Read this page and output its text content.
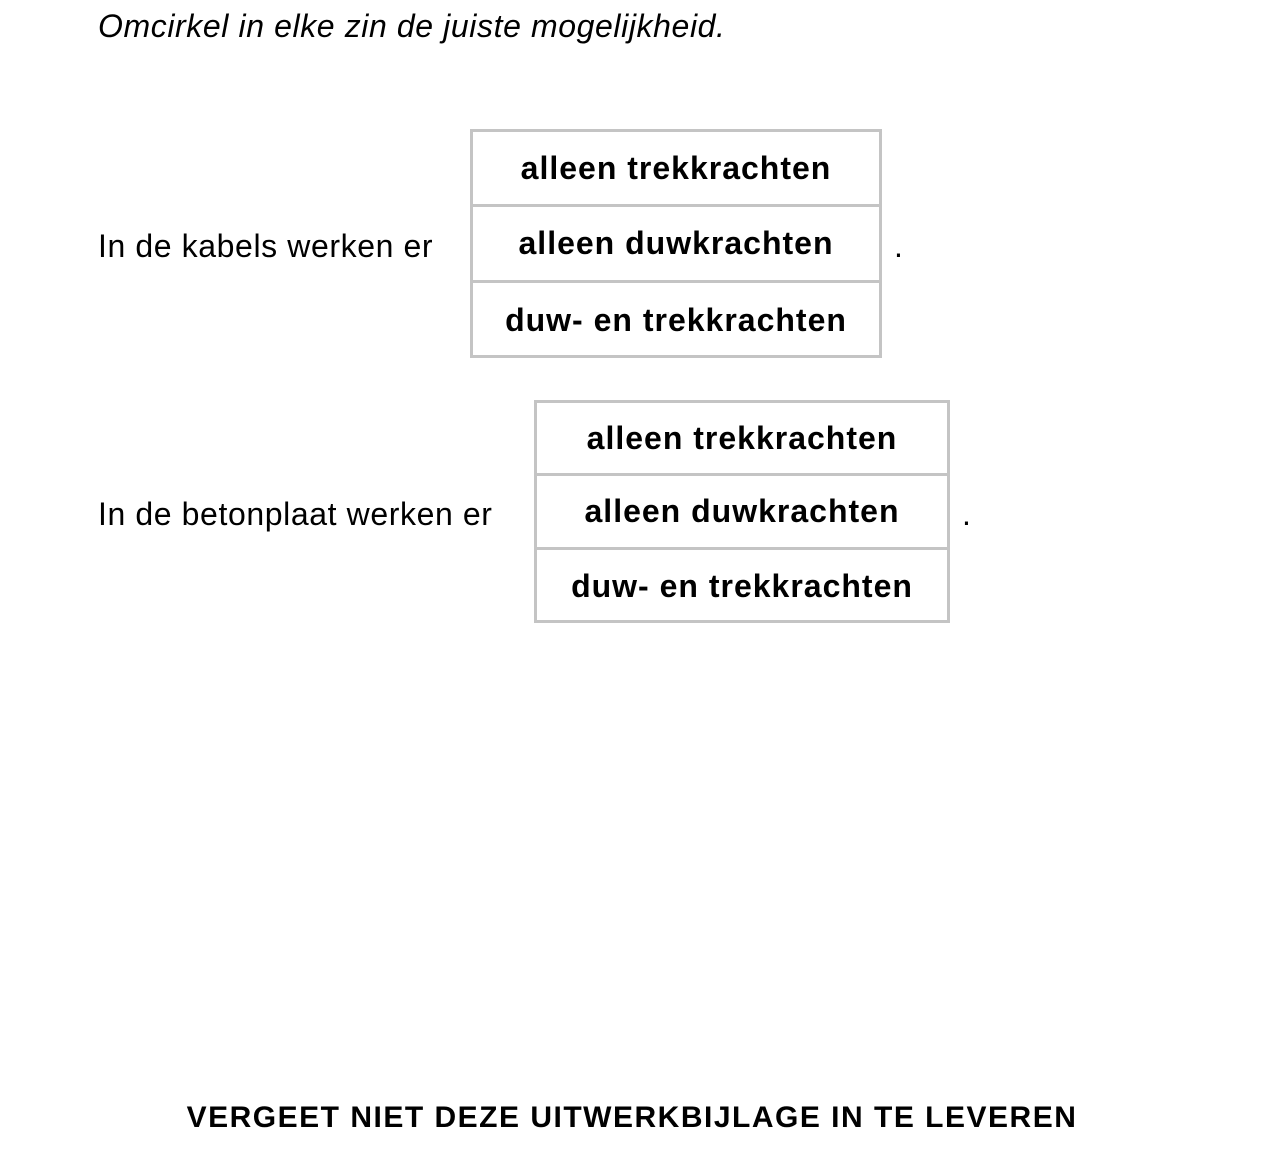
Omcirkel in elke zin de juiste mogelijkheid.
In de kabels werken er
alleen trekkrachten
alleen duwkrachten
duw- en trekkrachten
.
In de betonplaat werken er
alleen trekkrachten
alleen duwkrachten
duw- en trekkrachten
.
VERGEET NIET DEZE UITWERKBIJLAGE IN TE LEVEREN
